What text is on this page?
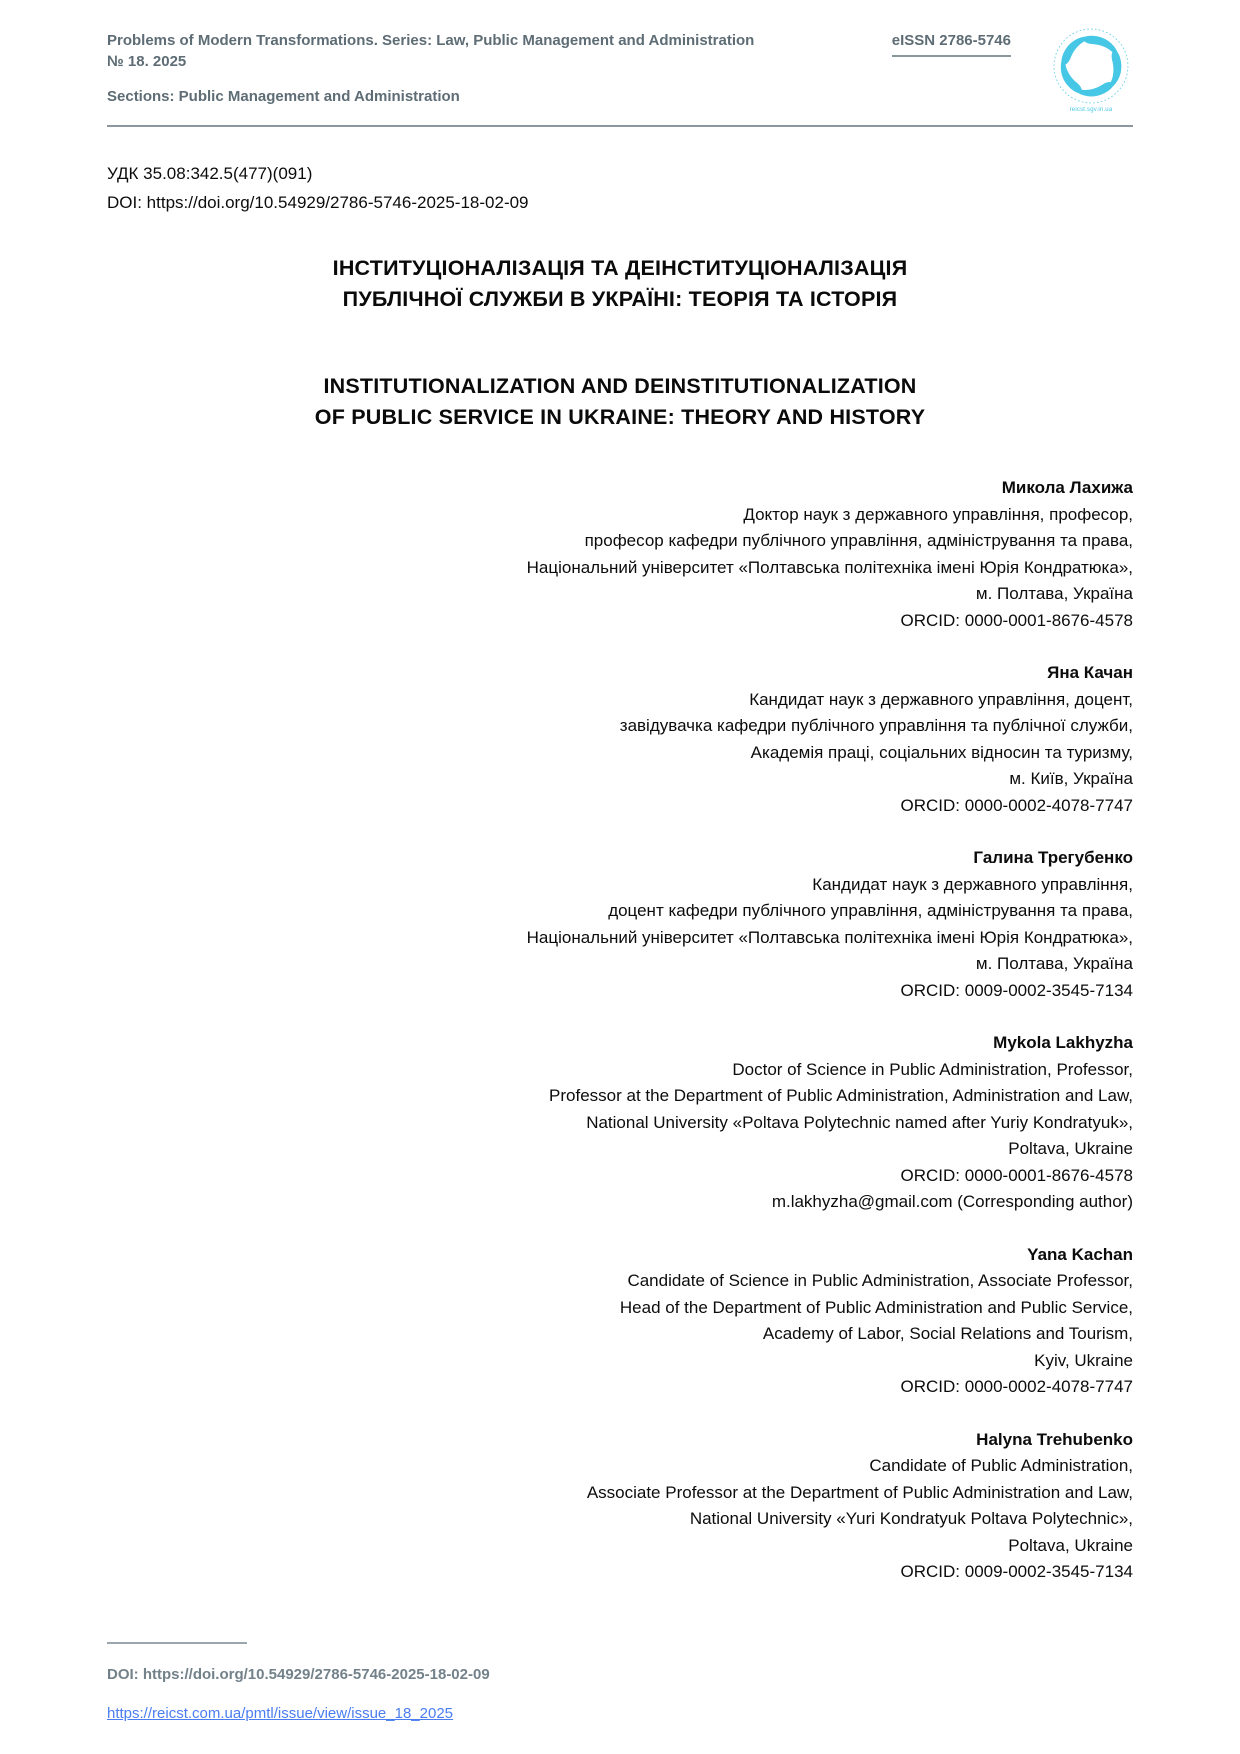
Problems of Modern Transformations. Series: Law, Public Management and Administration
№ 18. 2025
Sections: Public Management and Administration
eISSN 2786-5746
reicst.sgv.in.ua
УДК 35.08:342.5(477)(091)
DOI: https://doi.org/10.54929/2786-5746-2025-18-02-09
ІНСТИТУЦІОНАЛІЗАЦІЯ ТА ДЕІНСТИТУЦІОНАЛІЗАЦІЯ
ПУБЛІЧНОЇ СЛУЖБИ В УКРАЇНІ: ТЕОРІЯ ТА ІСТОРІЯ
INSTITUTIONALIZATION AND DEINSTITUTIONALIZATION
OF PUBLIC SERVICE IN UKRAINE: THEORY AND HISTORY
Микола Лахижа
Доктор наук з державного управління, професор,
професор кафедри публічного управління, адміністрування та права,
Національний університет «Полтавська політехніка імені Юрія Кондратюка»,
м. Полтава, Україна
ORCID: 0000-0001-8676-4578
Яна Качан
Кандидат наук з державного управління, доцент,
завідувачка кафедри публічного управління та публічної служби,
Академія праці, соціальних відносин та туризму,
м. Київ, Україна
ORCID: 0000-0002-4078-7747
Галина Трегубенко
Кандидат наук з державного управління,
доцент кафедри публічного управління, адміністрування та права,
Національний університет «Полтавська політехніка імені Юрія Кондратюка»,
м. Полтава, Україна
ORCID: 0009-0002-3545-7134
Mykola Lakhyzha
Doctor of Science in Public Administration, Professor,
Professor at the Department of Public Administration, Administration and Law,
National University «Poltava Polytechnic named after Yuriy Kondratyuk»,
Poltava, Ukraine
ORCID: 0000-0001-8676-4578
m.lakhyzha@gmail.com (Corresponding author)
Yana Kachan
Candidate of Science in Public Administration, Associate Professor,
Head of the Department of Public Administration and Public Service,
Academy of Labor, Social Relations and Tourism,
Kyiv, Ukraine
ORCID: 0000-0002-4078-7747
Halyna Trehubenko
Candidate of Public Administration,
Associate Professor at the Department of Public Administration and Law,
National University «Yuri Kondratyuk Poltava Polytechnic»,
Poltava, Ukraine
ORCID: 0009-0002-3545-7134
DOI: https://doi.org/10.54929/2786-5746-2025-18-02-09
https://reicst.com.ua/pmtl/issue/view/issue_18_2025
